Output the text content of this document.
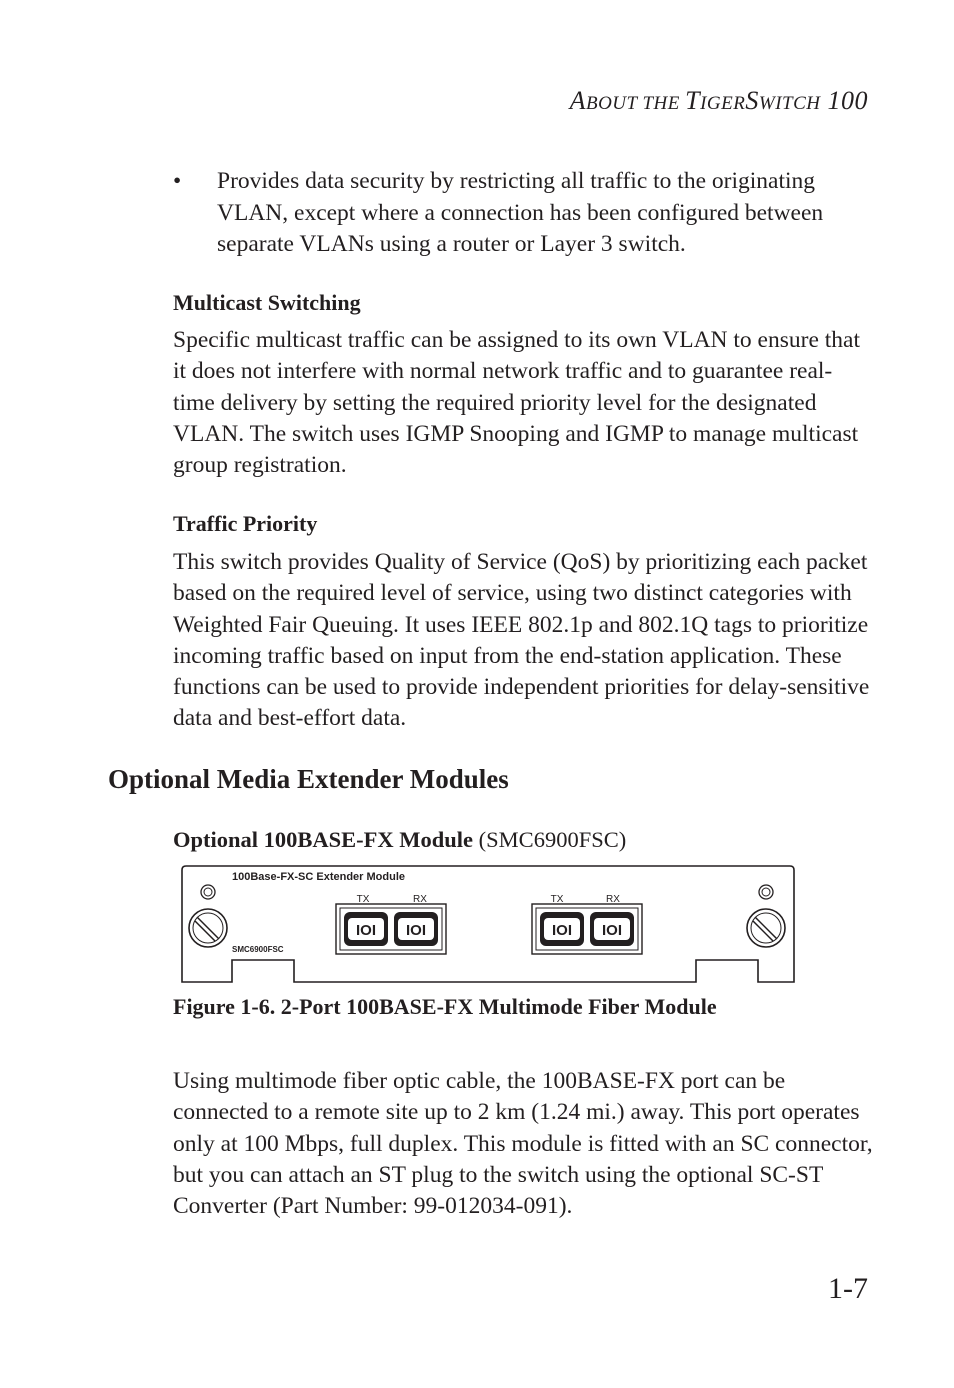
ABOUT THE TIGERSWITCH 100
• Provides data security by restricting all traffic to the originating VLAN, except where a connection has been configured between separate VLANs using a router or Layer 3 switch.
Multicast Switching

Specific multicast traffic can be assigned to its own VLAN to ensure that it does not interfere with normal network traffic and to guarantee real-time delivery by setting the required priority level for the designated VLAN. The switch uses IGMP Snooping and IGMP to manage multicast group registration.

Traffic Priority

This switch provides Quality of Service (QoS) by prioritizing each packet based on the required level of service, using two distinct categories with Weighted Fair Queuing. It uses IEEE 802.1p and 802.1Q tags to prioritize incoming traffic based on input from the end-station application. These functions can be used to provide independent priorities for delay-sensitive data and best-effort data.

Optional Media Extender Modules
Optional 100BASE-FX Module (SMC6900FSC)
100Base-FX-SC Extender Module
SMC6900FSC
IOI IOI
TX	RX
IOI IOI
TX	RX
Figure 1-6. 2-Port 100BASE-FX Multimode Fiber Module

Using multimode fiber optic cable, the 100BASE-FX port can be connected to a remote site up to 2 km (1.24 mi.) away. This port operates only at 100 Mbps, full duplex. This module is fitted with an SC connector, but you can attach an ST plug to the switch using the optional SC-ST Converter (Part Number: 99-012034-091).

1-7
